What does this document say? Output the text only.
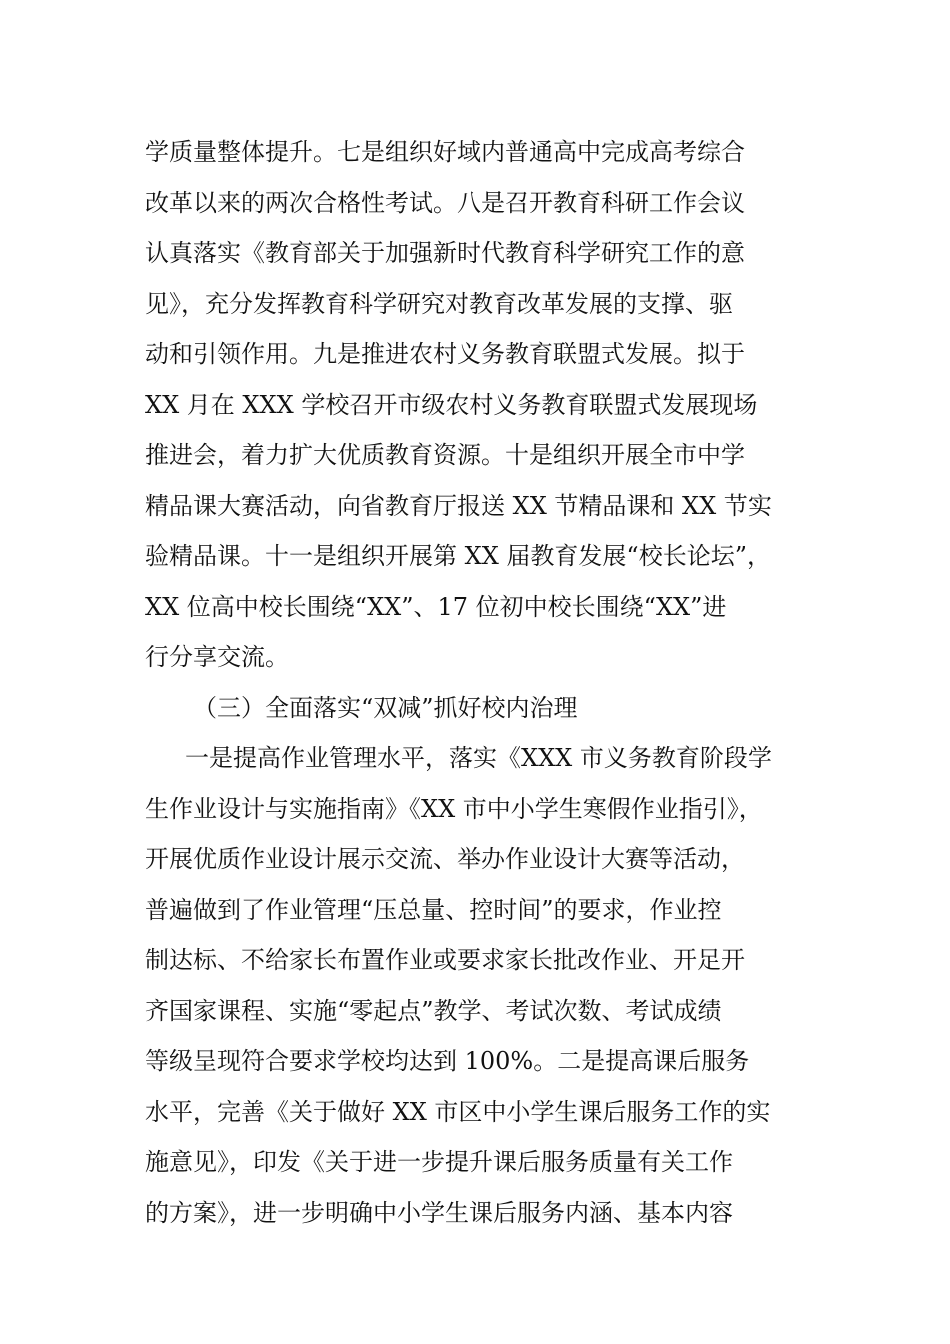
学质量整体提升。七是组织好域内普通高中完成高考综合
改革以来的两次合格性考试。八是召开教育科研工作会议
认真落实《教育部关于加强新时代教育科学研究工作的意
见》，充分发挥教育科学研究对教育改革发展的支撑、驱
动和引领作用。九是推进农村义务教育联盟式发展。拟于
XX 月在 XXX 学校召开市级农村义务教育联盟式发展现场
推进会，着力扩大优质教育资源。十是组织开展全市中学
精品课大赛活动，向省教育厅报送 XX 节精品课和 XX 节实
验精品课。十一是组织开展第 XX 届教育发展“校长论坛”，
XX 位高中校长围绕“XX”、17 位初中校长围绕“XX”进
行分享交流。
（三）全面落实“双减”抓好校内治理
一是提高作业管理水平，落实《XXX 市义务教育阶段学
生作业设计与实施指南》《XX 市中小学生寒假作业指引》，
开展优质作业设计展示交流、举办作业设计大赛等活动，
普遍做到了作业管理“压总量、控时间”的要求，作业控
制达标、不给家长布置作业或要求家长批改作业、开足开
齐国家课程、实施“零起点”教学、考试次数、考试成绩
等级呈现符合要求学校均达到 100%。二是提高课后服务
水平，完善《关于做好 XX 市区中小学生课后服务工作的实
施意见》，印发《关于进一步提升课后服务质量有关工作
的方案》，进一步明确中小学生课后服务内涵、基本内容
